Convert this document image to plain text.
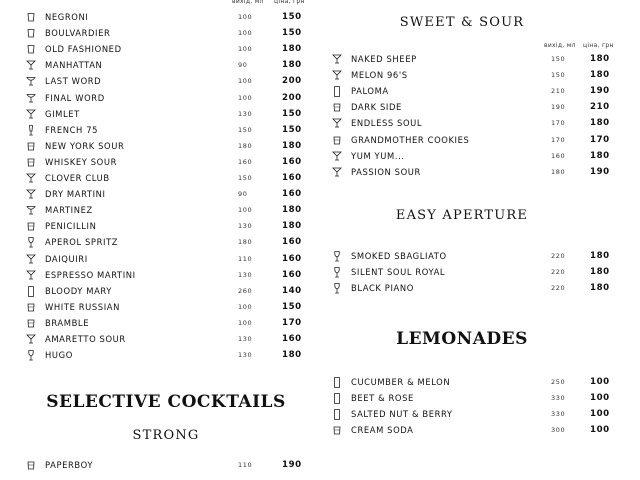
вихід, мл ціна, грн
NEGRONI	100	150
BOULVARDIER	100	150
OLD FASHIONED	100	180
MANHATTAN	90	180
LAST WORD	100	200
FINAL WORD	100	200
GIMLET	130	150
FRENCH 75	150	150
NEW YORK SOUR	180	180
WHISKEY SOUR	160	160
CLOVER CLUB	150	160
DRY MARTINI	90	160
MARTINEZ	100	180
PENICILLIN	130	180
APEROL SPRITZ	180	160
DAIQUIRI	110	160
ESPRESSO MARTINI	130	160
BLOODY MARY	260	140
WHITE RUSSIAN	100	150
BRAMBLE	100	170
AMARETTO SOUR	130	160
HUGO	130	180
SELECTIVE COCKTAILS
STRONG
PAPERBOY	110	190
SWEET & SOUR
вихід, мл ціна, грн
NAKED SHEEP	150	180
MELON 96'S	150	180
PALOMA	210	190
DARK SIDE	190	210
ENDLESS SOUL	170	180
GRANDMOTHER COOKIES	170	170
YUM YUM...	160	180
PASSION SOUR	180	190
EASY APERTURE
SMOKED SBAGLIATO	220	180
SILENT SOUL ROYAL	220	180
BLACK PIANO	220	180
LEMONADES
CUCUMBER & MELON	250	100
BEET & ROSE	330	100
SALTED NUT & BERRY	330	100
CREAM SODA	300	100
